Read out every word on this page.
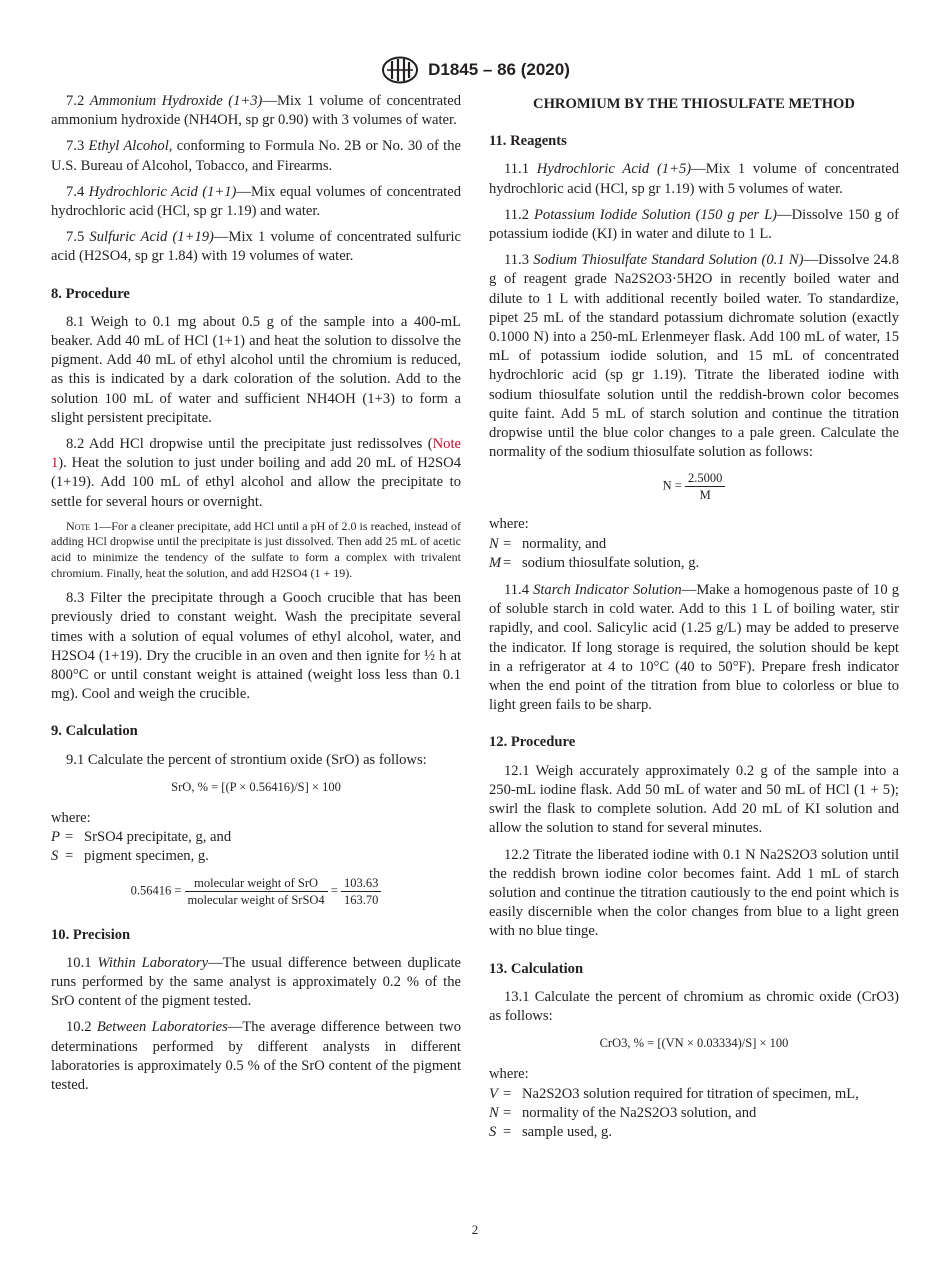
D1845 – 86 (2020)

7.2 Ammonium Hydroxide (1+3)—Mix 1 volume of concentrated ammonium hydroxide (NH4OH, sp gr 0.90) with 3 volumes of water.

7.3 Ethyl Alcohol, conforming to Formula No. 2B or No. 30 of the U.S. Bureau of Alcohol, Tobacco, and Firearms.

7.4 Hydrochloric Acid (1+1)—Mix equal volumes of concentrated hydrochloric acid (HCl, sp gr 1.19) and water.

7.5 Sulfuric Acid (1+19)—Mix 1 volume of concentrated sulfuric acid (H2SO4, sp gr 1.84) with 19 volumes of water.

8. Procedure

8.1 Weigh to 0.1 mg about 0.5 g of the sample into a 400-mL beaker. Add 40 mL of HCl (1+1) and heat the solution to dissolve the pigment. Add 40 mL of ethyl alcohol until the chromium is reduced, as this is indicated by a dark coloration of the solution. Add to the solution 100 mL of water and sufficient NH4OH (1+3) to form a slight persistent precipitate.

8.2 Add HCl dropwise until the precipitate just redissolves (Note 1). Heat the solution to just under boiling and add 20 mL of H2SO4 (1+19). Add 100 mL of ethyl alcohol and allow the precipitate to settle for several hours or overnight.

Note 1—For a cleaner precipitate, add HCl until a pH of 2.0 is reached, instead of adding HCl dropwise until the precipitate is just dissolved. Then add 25 mL of acetic acid to minimize the tendency of the sulfate to form a complex with trivalent chromium. Finally, heat the solution, and add H2SO4 (1 + 19).

8.3 Filter the precipitate through a Gooch crucible that has been previously dried to constant weight. Wash the precipitate several times with a solution of equal volumes of ethyl alcohol, water, and H2SO4 (1+19). Dry the crucible in an oven and then ignite for ½ h at 800°C or until constant weight is attained (weight loss less than 0.1 mg). Cool and weigh the crucible.

9. Calculation

9.1 Calculate the percent of strontium oxide (SrO) as follows:

SrO, % = [(P × 0.56416)/S] × 100

where:

P = SrSO4 precipitate, g, and

S = pigment specimen, g.

$0.56416 = \frac{\text{molecular weight of SrO}}{\text{molecular weight of SrSO4}} = \frac{103.63}{163.70}$

10. Precision

10.1 Within Laboratory—The usual difference between duplicate runs performed by the same analyst is approximately 0.2 % of the SrO content of the pigment tested.

10.2 Between Laboratories—The average difference between two determinations performed by different analysts in different laboratories is approximately 0.5 % of the SrO content of the pigment tested.

CHROMIUM BY THE THIOSULFATE METHOD

11. Reagents

11.1 Hydrochloric Acid (1+5)—Mix 1 volume of concentrated hydrochloric acid (HCl, sp gr 1.19) with 5 volumes of water.

11.2 Potassium Iodide Solution (150 g per L)—Dissolve 150 g of potassium iodide (KI) in water and dilute to 1 L.

11.3 Sodium Thiosulfate Standard Solution (0.1 N)—Dissolve 24.8 g of reagent grade Na2S2O3·5H2O in recently boiled water and dilute to 1 L with additional recently boiled water. To standardize, pipet 25 mL of the standard potassium dichromate solution (exactly 0.1000 N) into a 250-mL Erlenmeyer flask. Add 100 mL of water, 15 mL of potassium iodide solution, and 15 mL of concentrated hydrochloric acid (sp gr 1.19). Titrate the liberated iodine with sodium thiosulfate solution until the reddish-brown color becomes quite faint. Add 5 mL of starch solution and continue the titration dropwise until the blue color changes to a pale green. Calculate the normality of the sodium thiosulfate solution as follows:

$N = \frac{2.5000}{M}$

where:

N = normality, and

M = sodium thiosulfate solution, g.

11.4 Starch Indicator Solution—Make a homogenous paste of 10 g of soluble starch in cold water. Add to this 1 L of boiling water, stir rapidly, and cool. Salicylic acid (1.25 g/L) may be added to preserve the indicator. If long storage is required, the solution should be kept in a refrigerator at 4 to 10°C (40 to 50°F). Prepare fresh indicator when the end point of the titration from blue to colorless or blue to light green fails to be sharp.

12. Procedure

12.1 Weigh accurately approximately 0.2 g of the sample into a 250-mL iodine flask. Add 50 mL of water and 50 mL of HCl (1 + 5); swirl the flask to complete solution. Add 20 mL of KI solution and allow the solution to stand for several minutes.

12.2 Titrate the liberated iodine with 0.1 N Na2S2O3 solution until the reddish brown iodine color becomes faint. Add 1 mL of starch solution and continue the titration cautiously to the end point which is easily discernible when the color changes from blue to a light green with no blue tinge.

13. Calculation

13.1 Calculate the percent of chromium as chromic oxide (CrO3) as follows:

CrO3, % = [(VN × 0.03334)/S] × 100

where:

V = Na2S2O3 solution required for titration of specimen, mL,

N = normality of the Na2S2O3 solution, and

S = sample used, g.

2
